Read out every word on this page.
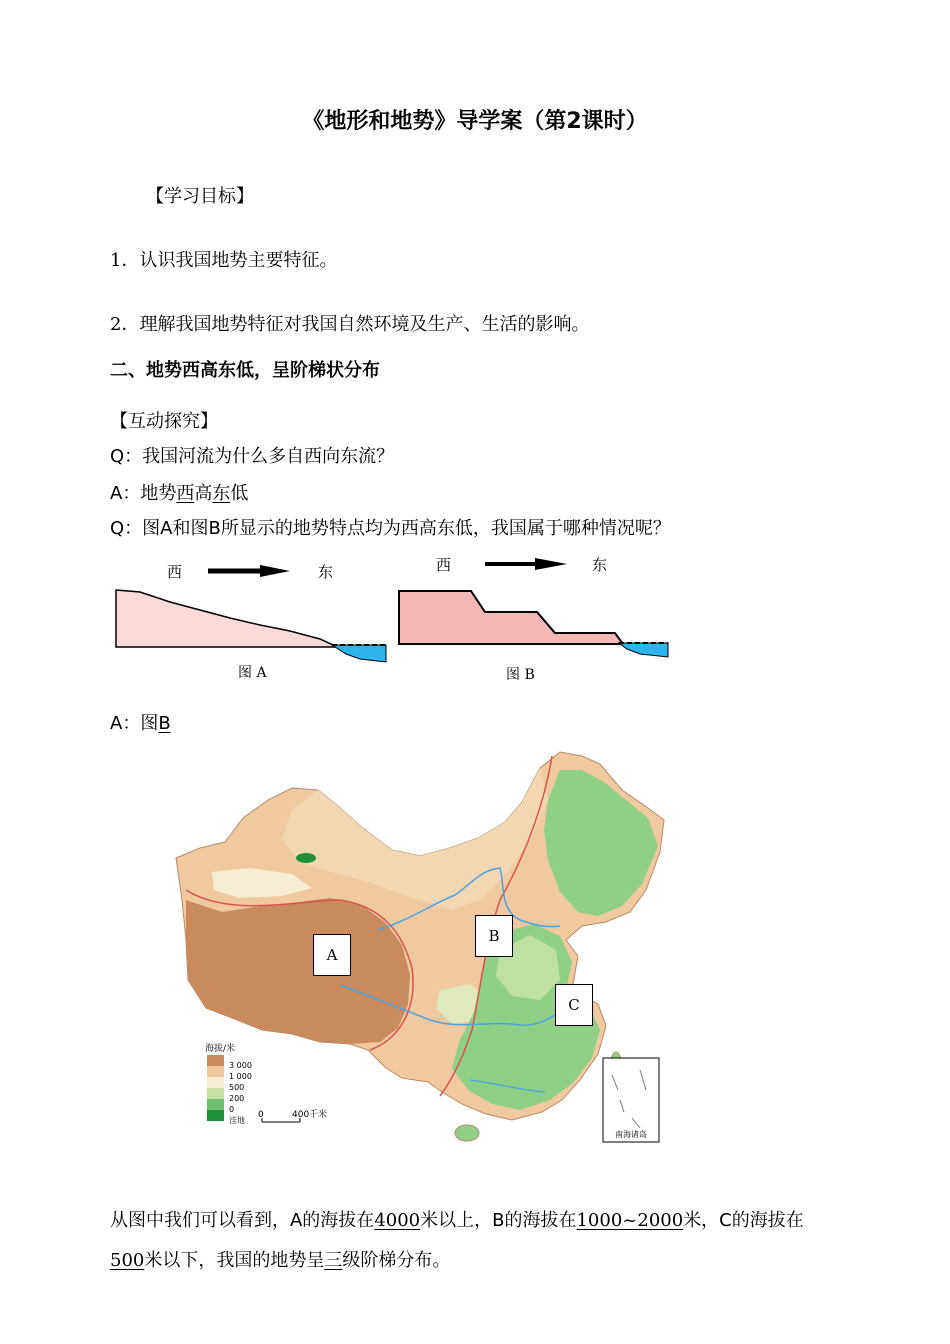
《地形和地势》导学案（第2课时）
【学习目标】
1．认识我国地势主要特征。
2．理解我国地势特征对我国自然环境及生产、生活的影响。
二、地势西高东低，呈阶梯状分布
【互动探究】
Q：我国河流为什么多自西向东流？
A：地势西高东低
Q：图A和图B所显示的地势特点均为西高东低，我国属于哪种情况呢？
西	东
图 A
西	东
图 B
A：图B
南海诸岛
海拔/米
3 000
1 000
500
200
0
洼地
0	400千米
A
B
C
从图中我们可以看到，A的海拔在4000米以上，B的海拔在1000~2000米，C的海拔在
500米以下，我国的地势呈三级阶梯分布。
